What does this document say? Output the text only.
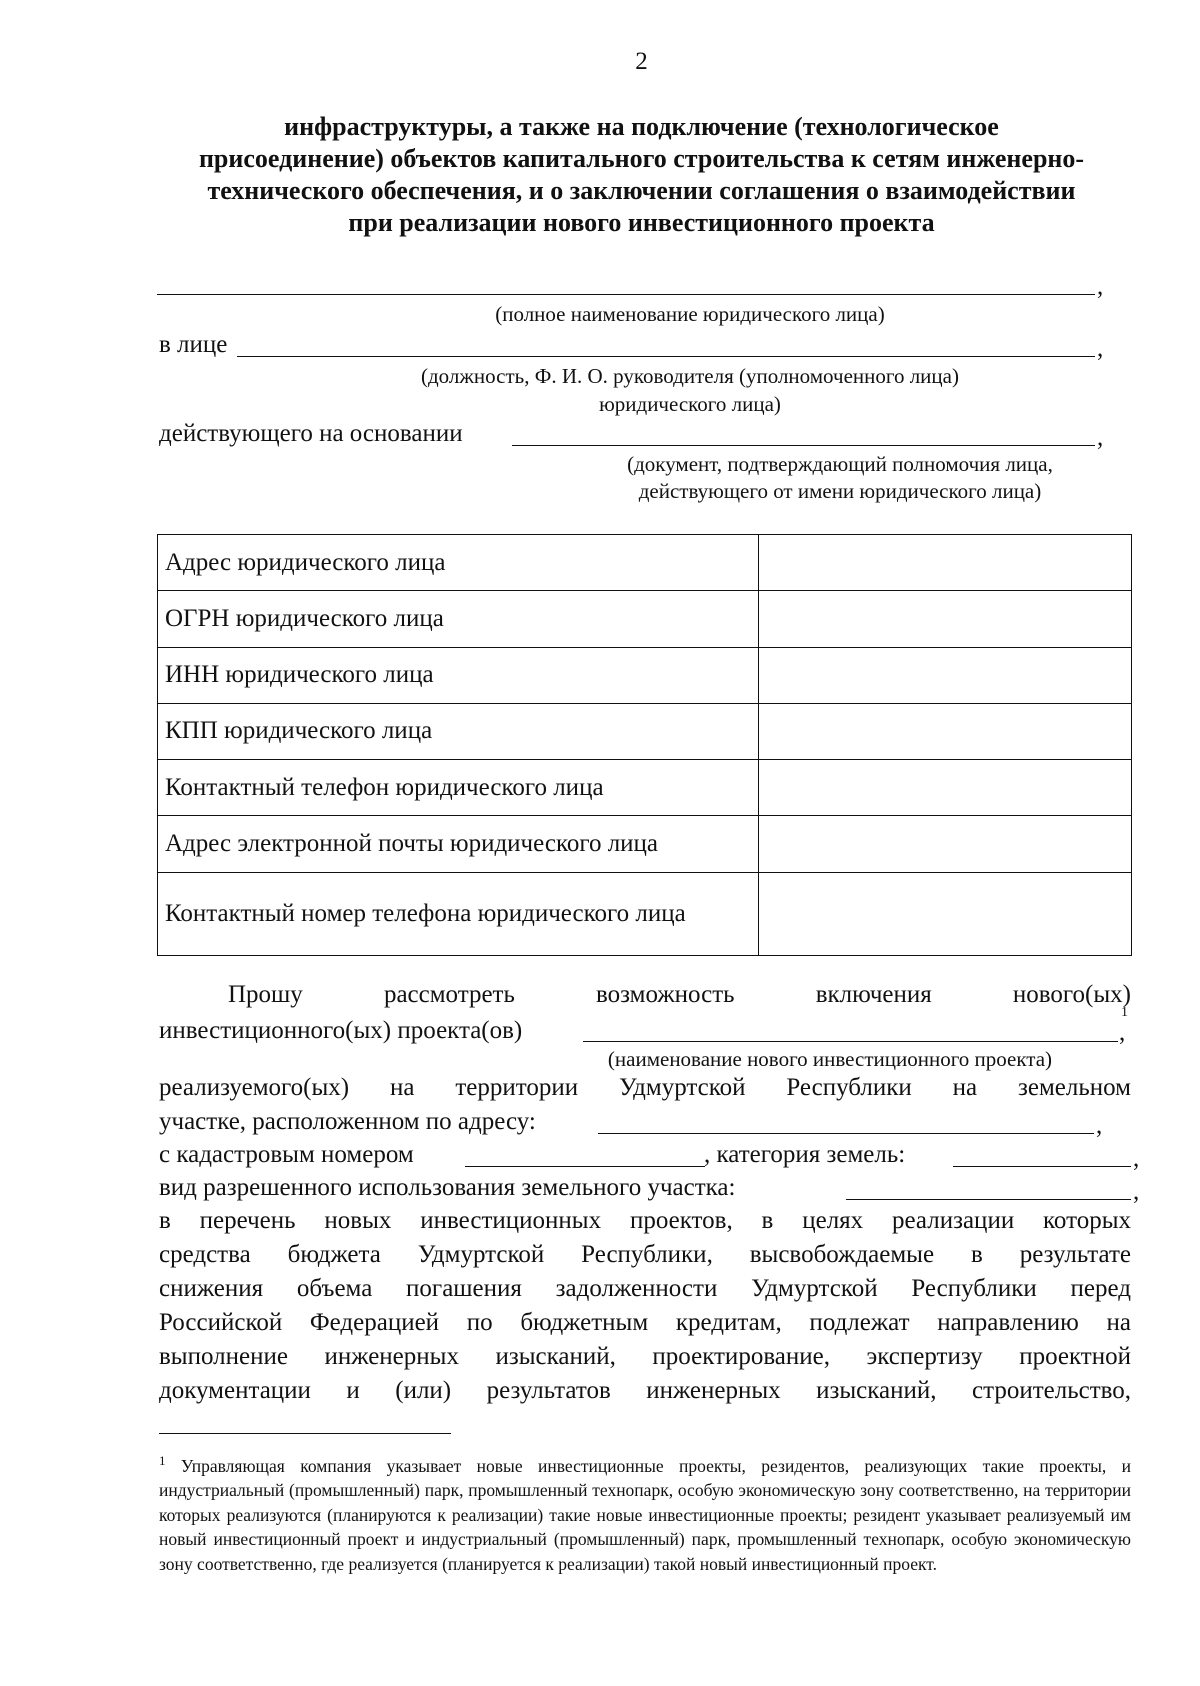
2
инфраструктуры, а также на подключение (технологическое
присоединение) объектов капитального строительства к сетям инженерно-
технического обеспечения, и о заключении соглашения о взаимодействии
при реализации нового инвестиционного проекта
,
(полное наименование юридического лица)
в лице	,
(должность, Ф. И. О. руководителя (уполномоченного лица)
юридического лица)
действующего на основании	,
(документ, подтверждающий полномочия лица,
действующего от имени юридического лица)
Адрес юридического лица	
ОГРН юридического лица	
ИНН юридического лица	
КПП юридического лица	
Контактный телефон юридического лица	
Адрес электронной почты юридического лица	
Контактный номер телефона юридического лица	
Прошу	рассмотреть	возможность	включения	нового(ых)
инвестиционного(ых) проекта(ов)	,
1
(наименование нового инвестиционного проекта)
реализуемого(ых) на территории Удмуртской Республики на земельном
участке, расположенном по адресу:	,
с кадастровым номером	, категория земель:	,
вид разрешенного использования земельного участка:	,
в перечень новых инвестиционных проектов, в целях реализации которых
средства бюджета Удмуртской Республики, высвобождаемые в результате
снижения объема погашения задолженности Удмуртской Республики перед
Российской Федерацией по бюджетным кредитам, подлежат направлению на
выполнение инженерных изысканий, проектирование, экспертизу проектной
документации и (или) результатов инженерных изысканий, строительство,
$^1$ Управляющая компания указывает новые инвестиционные проекты, резидентов, реализующих такие проекты, и индустриальный (промышленный) парк, промышленный технопарк, особую экономическую зону соответственно, на территории которых реализуются (планируются к реализации) такие новые инвестиционные проекты; резидент указывает реализуемый им новый инвестиционный проект и индустриальный (промышленный) парк, промышленный технопарк, особую экономическую зону соответственно, где реализуется (планируется к реализации) такой новый инвестиционный проект.
